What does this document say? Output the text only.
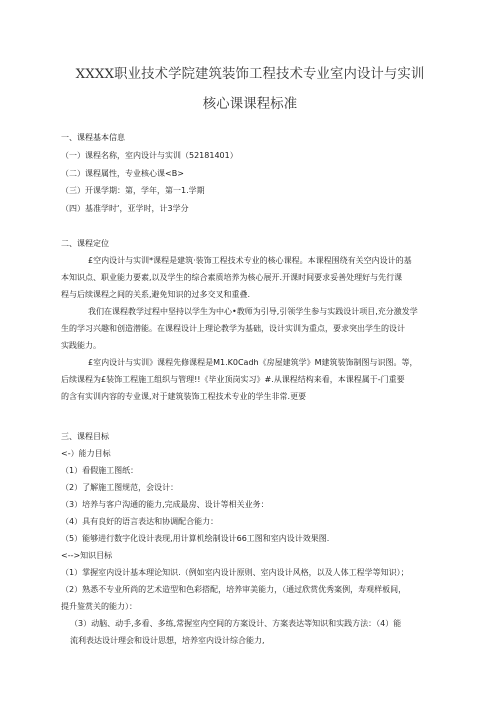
XXXX职业技术学院建筑装饰工程技术专业室内设计与实训
核心课课程标准
一、课程基本信息
（一）课程名称，室内设计与实训（52181401）
（二）课程属性，专业核心课<B>
（三）开课学期：第，学年，第一1.学期
（四）基准学时‘，亚学时，计3学分
二、课程定位
£空内设计与实训*课程是建筑·装饰工程技术专业的核心课程。本课程围绕有关空内设计的基
本知识点、职业能力要素,以及学生的综合素质培养为核心展开.开课时间要求妥善处理好与先行课
程与后续课程之间的关系,避免知识的过多交叉和重叠.
我们在课程教学过程中坚持以学生为中心•教师为引导,引领学生参与实践设计项目,充分激发学
生的学习兴趣和创造潜能。在课程设计上理论教学为基础，设计实训为重点，要求突出学生的设计
实践能力。
£室内设计与实训》课程先修课程是M1.K0Cadh《房屋建筑学》M建筑装饰制图与识图。等，
后续课程为£装饰工程施工组织与管理!!《毕业顶岗实习》#.从课程结构来看，本课程属于-门重要
的含有实训内容的专业课,对于建筑装饰工程技术专业的学生非常.更要
三、课程目标
<-）能力目标
（1）看假施工图纸：
（2）了解施工图规范，会设计：
（3）培养与客户沟通的能力,完成最房、设计等相关业务：
（4）具有良好的语言表达和协调配合能力：
（5）能够进行数字化设计表现,用计算机绘制设计66工图和室内设计效果图.
<-->知识目标
（1）掌握室内设计基本理论知识.（例如室内设计原则、室内设计风格，以及人体工程学等知识）；
（2）熟悉不专业所尚的艺术造型和色彩搭配，培养审美能力，（通过欣赏优秀案例，寿观样板间，
提升鉴赏关的能力）：
（3）动脑、动手,多看、多练,常握室内空间的方案设计、方案表达等知识和实践方法：（4）能
流利表达设计理会和设计思想，培养室内设计综合能力,
